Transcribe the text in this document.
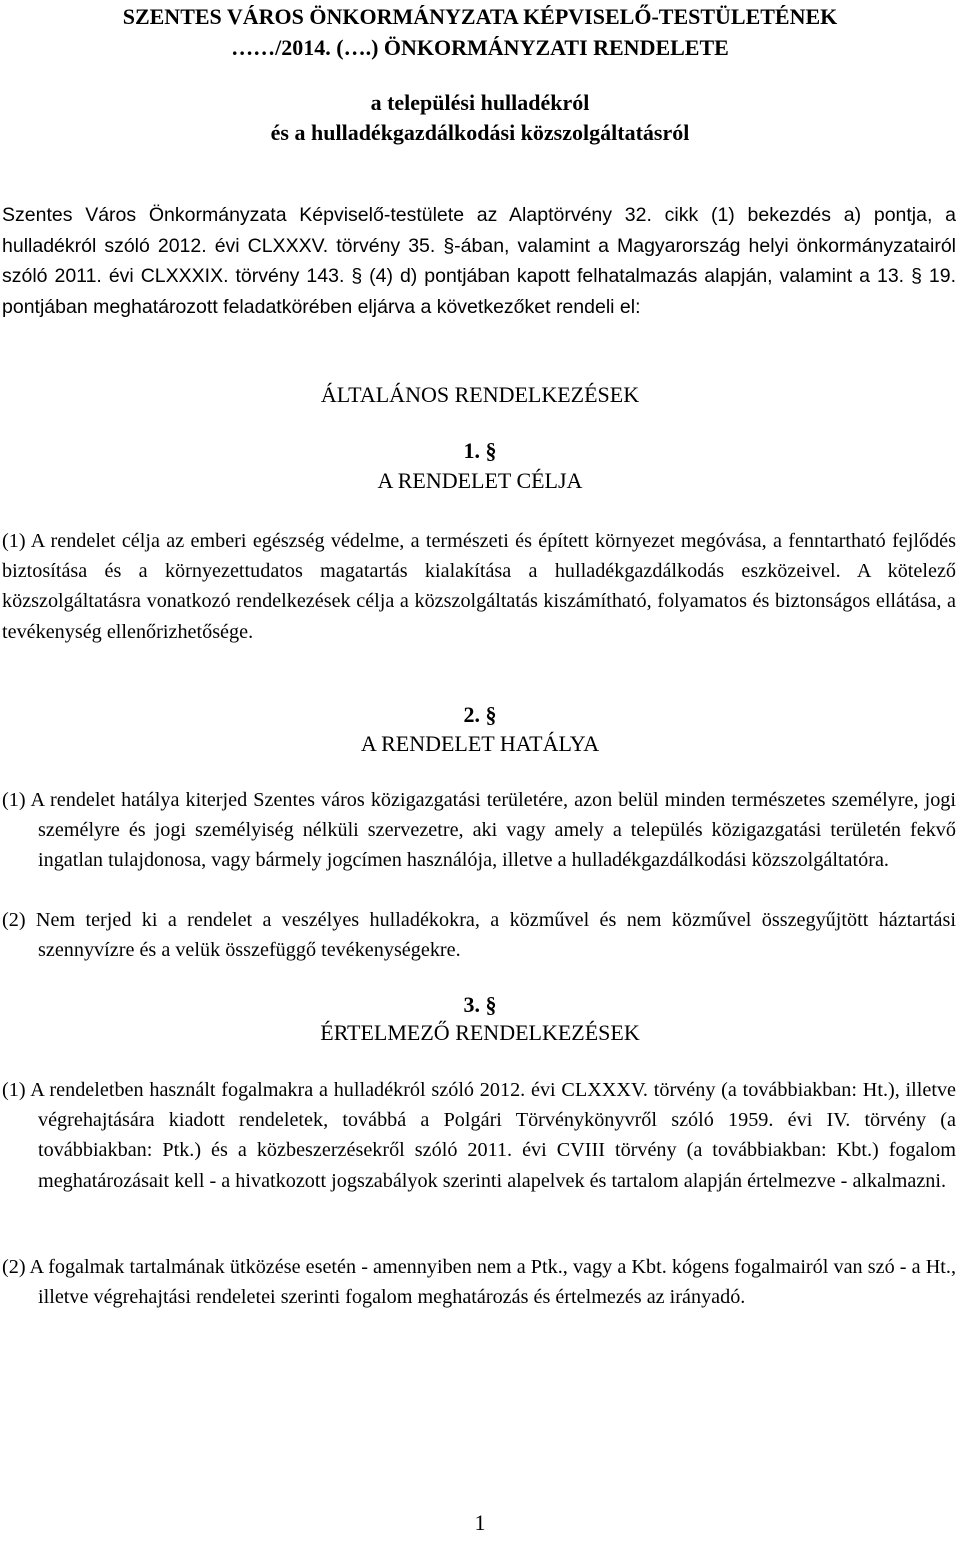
SZENTES VÁROS ÖNKORMÁNYZATA KÉPVISELŐ-TESTÜLETÉNEK
……/2014. (….) ÖNKORMÁNYZATI RENDELETE
a települési hulladékról
és a hulladékgazdálkodási közszolgáltatásról
Szentes Város Önkormányzata Képviselő-testülete az Alaptörvény 32. cikk (1) bekezdés a) pontja, a hulladékról szóló 2012. évi CLXXXV. törvény 35. §-ában, valamint a Magyarország helyi önkormányzatairól szóló 2011. évi CLXXXIX. törvény 143. § (4) d) pontjában kapott felhatalmazás alapján, valamint a 13. § 19. pontjában meghatározott feladatkörében eljárva a következőket rendeli el:
ÁLTALÁNOS RENDELKEZÉSEK
1. §
A RENDELET CÉLJA
(1) A rendelet célja az emberi egészség védelme, a természeti és épített környezet megóvása, a fenntartható fejlődés biztosítása és a környezettudatos magatartás kialakítása a hulladékgazdálkodás eszközeivel. A kötelező közszolgáltatásra vonatkozó rendelkezések célja a közszolgáltatás kiszámítható, folyamatos és biztonságos ellátása, a tevékenység ellenőrizhetősége.
2. §
A RENDELET HATÁLYA
(1) A rendelet hatálya kiterjed Szentes város közigazgatási területére, azon belül minden természetes személyre, jogi személyre és jogi személyiség nélküli szervezetre, aki vagy amely a település közigazgatási területén fekvő ingatlan tulajdonosa, vagy bármely jogcímen használója, illetve a hulladékgazdálkodási közszolgáltatóra.
(2) Nem terjed ki a rendelet a veszélyes hulladékokra, a közművel és nem közművel összegyűjtött háztartási szennyvízre és a velük összefüggő tevékenységekre.
3. §
ÉRTELMEZŐ RENDELKEZÉSEK
(1) A rendeletben használt fogalmakra a hulladékról szóló 2012. évi CLXXXV. törvény (a továbbiakban: Ht.), illetve végrehajtására kiadott rendeletek, továbbá a Polgári Törvénykönyvről szóló 1959. évi IV. törvény (a továbbiakban: Ptk.) és a közbeszerzésekről szóló 2011. évi CVIII törvény (a továbbiakban: Kbt.) fogalom meghatározásait kell - a hivatkozott jogszabályok szerinti alapelvek és tartalom alapján értelmezve - alkalmazni.
(2) A fogalmak tartalmának ütközése esetén - amennyiben nem a Ptk., vagy a Kbt. kógens fogalmairól van szó - a Ht., illetve végrehajtási rendeletei szerinti fogalom meghatározás és értelmezés az irányadó.
1
